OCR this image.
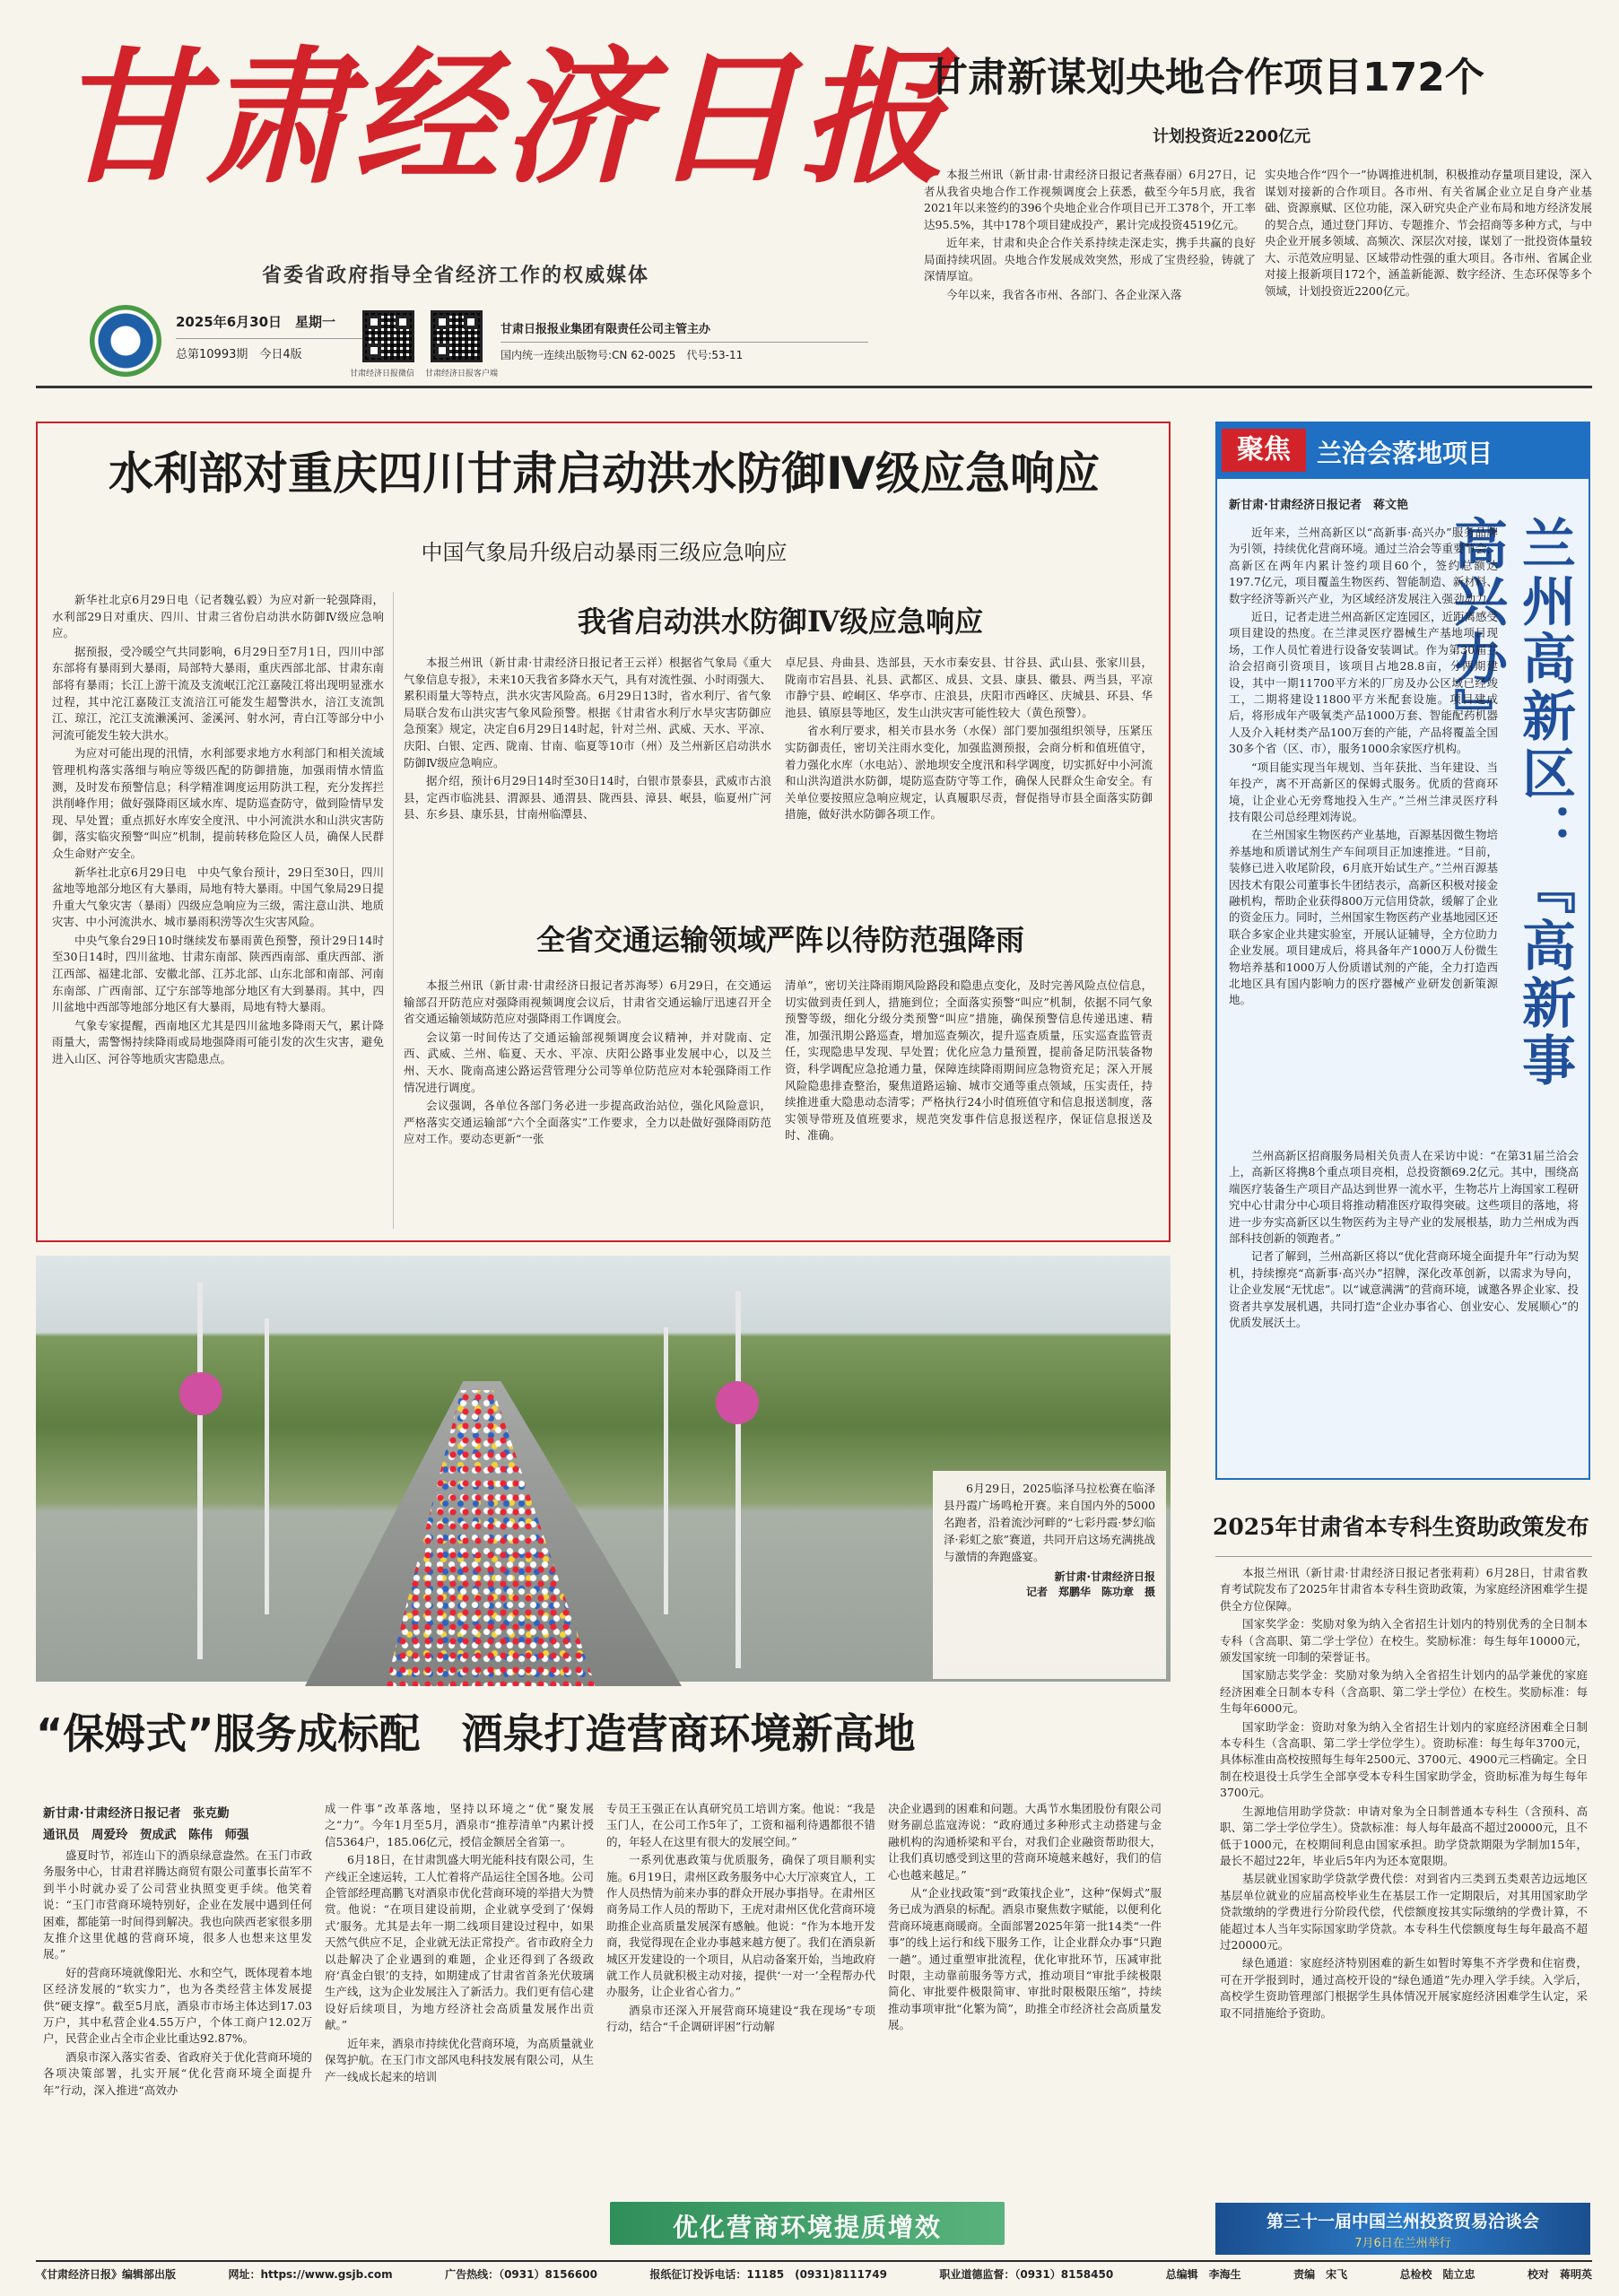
甘肃经济日报
省委省政府指导全省经济工作的权威媒体
2025年6月30日　星期一
总第10993期　今日4版
甘肃经济日报微信 甘肃经济日报客户端
甘肃日报报业集团有限责任公司主管主办
国内统一连续出版物号:CN 62-0025　代号:53-11
甘肃新谋划央地合作项目172个
计划投资近2200亿元

本报兰州讯（新甘肃·甘肃经济日报记者燕春丽）6月27日，记者从我省央地合作工作视频调度会上获悉，截至今年5月底，我省2021年以来签约的396个央地企业合作项目已开工378个，开工率达95.5%，其中178个项目建成投产，累计完成投资4519亿元。

近年来，甘肃和央企合作关系持续走深走实，携手共赢的良好局面持续巩固。央地合作发展成效突然，形成了宝贵经验，铸就了深情厚谊。

今年以来，我省各市州、各部门、各企业深入落

实央地合作“四个一”协调推进机制，积极推动存量项目建设，深入谋划对接新的合作项目。各市州、有关省属企业立足自身产业基础、资源禀赋、区位功能，深入研究央企产业布局和地方经济发展的契合点，通过登门拜访、专题推介、节会招商等多种方式，与中央企业开展多领域、高频次、深层次对接，谋划了一批投资体量较大、示范效应明显、区域带动性强的重大项目。各市州、省属企业对接上报新项目172个，涵盖新能源、数字经济、生态环保等多个领域，计划投资近2200亿元。

水利部对重庆四川甘肃启动洪水防御Ⅳ级应急响应
中国气象局升级启动暴雨三级应急响应

新华社北京6月29日电（记者魏弘毅）为应对新一轮强降雨，水利部29日对重庆、四川、甘肃三省份启动洪水防御Ⅳ级应急响应。

据预报，受冷暖空气共同影响，6月29日至7月1日，四川中部东部将有暴雨到大暴雨，局部特大暴雨，重庆西部北部、甘肃东南部将有暴雨；长江上游干流及支流岷江沱江嘉陵江将出现明显涨水过程，其中沱江嘉陵江支流涪江可能发生超警洪水，涪江支流凯江、琼江，沱江支流濑溪河、釜溪河、射水河，青白江等部分中小河流可能发生较大洪水。

为应对可能出现的汛情，水利部要求地方水利部门和相关流域管理机构落实落细与响应等级匹配的防御措施，加强雨情水情监测，及时发布预警信息；科学精准调度运用防洪工程，充分发挥拦洪削峰作用；做好强降雨区域水库、堤防巡查防守，做到险情早发现、早处置；重点抓好水库安全度汛、中小河流洪水和山洪灾害防御，落实临灾预警“叫应”机制，提前转移危险区人员，确保人民群众生命财产安全。

新华社北京6月29日电　中央气象台预计，29日至30日，四川盆地等地部分地区有大暴雨，局地有特大暴雨。中国气象局29日提升重大气象灾害（暴雨）四级应急响应为三级，需注意山洪、地质灾害、中小河流洪水、城市暴雨积涝等次生灾害风险。

中央气象台29日10时继续发布暴雨黄色预警，预计29日14时至30日14时，四川盆地、甘肃东南部、陕西西南部、重庆西部、浙江西部、福建北部、安徽北部、江苏北部、山东北部和南部、河南东南部、广西南部、辽宁东部等地部分地区有大到暴雨。其中，四川盆地中西部等地部分地区有大暴雨，局地有特大暴雨。

气象专家提醒，西南地区尤其是四川盆地多降雨天气，累计降雨量大，需警惕持续降雨或局地强降雨可能引发的次生灾害，避免进入山区、河谷等地质灾害隐患点。

我省启动洪水防御Ⅳ级应急响应

本报兰州讯（新甘肃·甘肃经济日报记者王云祥）根据省气象局《重大气象信息专报》，未来10天我省多降水天气，具有对流性强、小时雨强大、累积雨量大等特点，洪水灾害风险高。6月29日13时，省水利厅、省气象局联合发布山洪灾害气象风险预警。根据《甘肃省水利厅水旱灾害防御应急预案》规定，决定自6月29日14时起，针对兰州、武威、天水、平凉、庆阳、白银、定西、陇南、甘南、临夏等10市（州）及兰州新区启动洪水防御Ⅳ级应急响应。

据介绍，预计6月29日14时至30日14时，白银市景泰县，武威市古浪县，定西市临洮县、渭源县、通渭县、陇西县、漳县、岷县，临夏州广河县、东乡县、康乐县，甘南州临潭县、

卓尼县、舟曲县、迭部县，天水市秦安县、甘谷县、武山县、张家川县，陇南市宕昌县、礼县、武都区、成县、文县、康县、徽县、两当县，平凉市静宁县、崆峒区、华亭市、庄浪县，庆阳市西峰区、庆城县、环县、华池县、镇原县等地区，发生山洪灾害可能性较大（黄色预警）。

省水利厅要求，相关市县水务（水保）部门要加强组织领导，压紧压实防御责任，密切关注雨水变化，加强监测预报，会商分析和值班值守，着力强化水库（水电站）、淤地坝安全度汛和科学调度，切实抓好中小河流和山洪沟道洪水防御，堤防巡查防守等工作，确保人民群众生命安全。有关单位要按照应急响应规定，认真履职尽责，督促指导市县全面落实防御措施，做好洪水防御各项工作。

全省交通运输领域严阵以待防范强降雨

本报兰州讯（新甘肃·甘肃经济日报记者苏海琴）6月29日，在交通运输部召开防范应对强降雨视频调度会议后，甘肃省交通运输厅迅速召开全省交通运输领域防范应对强降雨工作调度会。

会议第一时间传达了交通运输部视频调度会议精神，并对陇南、定西、武威、兰州、临夏、天水、平凉、庆阳公路事业发展中心，以及兰州、天水、陇南高速公路运营管理分公司等单位防范应对本轮强降雨工作情况进行调度。

会议强调，各单位各部门务必进一步提高政治站位，强化风险意识，严格落实交通运输部“六个全面落实”工作要求，全力以赴做好强降雨防范应对工作。要动态更新“一张

清单”，密切关注降雨期风险路段和隐患点变化，及时完善风险点位信息，切实做到责任到人，措施到位；全面落实预警“叫应”机制，依据不同气象预警等级，细化分级分类预警“叫应”措施，确保预警信息传递迅速、精准，加强汛期公路巡查，增加巡查频次，提升巡查质量，压实巡查监管责任，实现隐患早发现、早处置；优化应急力量预置，提前备足防汛装备物资，科学调配应急抢通力量，保障连续降雨期间应急物资充足；深入开展风险隐患排查整治，聚焦道路运输、城市交通等重点领域，压实责任，持续推进重大隐患动态清零；严格执行24小时值班值守和信息报送制度，落实领导带班及值班要求，规范突发事件信息报送程序，保证信息报送及时、准确。

聚焦	兰洽会落地项目
新甘肃·甘肃经济日报记者　蒋文艳
兰州高新区：『高新事　高兴办』

近年来，兰州高新区以“高新事·高兴办”服务品牌为引领，持续优化营商环境。通过兰洽会等重要节会，高新区在两年内累计签约项目60个，签约总额达197.7亿元，项目覆盖生物医药、智能制造、新材料、数字经济等新兴产业，为区域经济发展注入强劲动力。

近日，记者走进兰州高新区定连园区，近距离感受项目建设的热度。在兰津灵医疗器械生产基地项目现场，工作人员忙着进行设备安装调试。作为第30届兰洽会招商引资项目，该项目占地28.8亩，分两期建设，其中一期11700平方米的厂房及办公区域已经竣工，二期将建设11800平方米配套设施。项目建成后，将形成年产吸氧类产品1000万套、智能配药机器人及介入耗材类产品100万套的产能，产品将覆盖全国30多个省（区、市），服务1000余家医疗机构。

“项目能实现当年规划、当年获批、当年建设、当年投产，离不开高新区的保姆式服务。优质的营商环境，让企业心无旁骛地投入生产。”兰州兰津灵医疗科技有限公司总经理刘涛说。

在兰州国家生物医药产业基地，百源基因微生物培养基地和质谱试剂生产车间项目正加速推进。“目前，装修已进入收尾阶段，6月底开始试生产。”兰州百源基因技术有限公司董事长牛团结表示，高新区积极对接金融机构，帮助企业获得800万元信用贷款，缓解了企业的资金压力。同时，兰州国家生物医药产业基地园区还联合多家企业共建实验室，开展认证辅导，全方位助力企业发展。项目建成后，将具备年产1000万人份微生物培养基和1000万人份质谱试剂的产能，全力打造西北地区具有国内影响力的医疗器械产业研发创新策源地。

兰州高新区招商服务局相关负责人在采访中说：“在第31届兰洽会上，高新区将携8个重点项目亮相，总投资额69.2亿元。其中，围绕高端医疗装备生产项目产品达到世界一流水平，生物芯片上海国家工程研究中心甘肃分中心项目将推动精准医疗取得突破。这些项目的落地，将进一步夯实高新区以生物医药为主导产业的发展根基，助力兰州成为西部科技创新的领跑者。”

记者了解到，兰州高新区将以“优化营商环境全面提升年”行动为契机，持续擦亮“高新事·高兴办”招牌，深化改革创新，以需求为导向，让企业发展“无忧虑”。以“诚意满满”的营商环境，诚邀各界企业家、投资者共享发展机遇，共同打造“企业办事省心、创业安心、发展顺心”的优质发展沃土。

6月29日，2025临泽马拉松赛在临泽县丹霞广场鸣枪开赛。来自国内外的5000名跑者，沿着流沙河畔的“七彩丹霞·梦幻临泽·彩虹之旅”赛道，共同开启这场充满挑战与激情的奔跑盛宴。
新甘肃·甘肃经济日报
记者　郑鹏华　陈功章　摄
2025年甘肃省本专科生资助政策发布

本报兰州讯（新甘肃·甘肃经济日报记者张莉莉）6月28日，甘肃省教育考试院发布了2025年甘肃省本专科生资助政策，为家庭经济困难学生提供全方位保障。

国家奖学金：奖励对象为纳入全省招生计划内的特别优秀的全日制本专科（含高职、第二学士学位）在校生。奖励标准：每生每年10000元，颁发国家统一印制的荣誉证书。

国家励志奖学金：奖励对象为纳入全省招生计划内的品学兼优的家庭经济困难全日制本专科（含高职、第二学士学位）在校生。奖励标准：每生每年6000元。

国家助学金：资助对象为纳入全省招生计划内的家庭经济困难全日制本专科生（含高职、第二学士学位学生）。资助标准：每生每年3700元，具体标准由高校按照每生每年2500元、3700元、4900元三档确定。全日制在校退役士兵学生全部享受本专科生国家助学金，资助标准为每生每年3700元。

生源地信用助学贷款：申请对象为全日制普通本专科生（含预科、高职、第二学士学位学生）。贷款标准：每人每年最高不超过20000元，且不低于1000元，在校期间利息由国家承担。助学贷款期限为学制加15年，最长不超过22年，毕业后5年内为还本宽限期。

基层就业国家助学贷款学费代偿：对到省内三类到五类艰苦边远地区基层单位就业的应届高校毕业生在基层工作一定期限后，对其用国家助学贷款缴纳的学费进行分阶段代偿，代偿额度按其实际缴纳的学费计算，不能超过本人当年实际国家助学贷款。本专科生代偿额度每生每年最高不超过20000元。

绿色通道：家庭经济特别困难的新生如暂时筹集不齐学费和住宿费，可在开学报到时，通过高校开设的“绿色通道”先办理入学手续。入学后，高校学生资助管理部门根据学生具体情况开展家庭经济困难学生认定，采取不同措施给予资助。

第三十一届中国兰州投资贸易洽谈会
7月6日在兰州举行
“保姆式”服务成标配　酒泉打造营商环境新高地
新甘肃·甘肃经济日报记者　张克勤
通讯员　周爱玲　贺成武　陈伟　师强

盛夏时节，祁连山下的酒泉绿意盎然。在玉门市政务服务中心，甘肃君祥腾达商贸有限公司董事长苗军不到半小时就办妥了公司营业执照变更手续。他笑着说：“玉门市营商环境特别好，企业在发展中遇到任何困难，都能第一时间得到解决。我也向陕西老家很多朋友推介这里优越的营商环境，很多人也想来这里发展。”

好的营商环境就像阳光、水和空气，既体现着本地区经济发展的“软实力”，也为各类经营主体发展提供“硬支撑”。截至5月底，酒泉市市场主体达到17.03万户，其中私营企业4.55万户，个体工商户12.02万户，民营企业占全市企业比重达92.87%。

酒泉市深入落实省委、省政府关于优化营商环境的各项决策部署，扎实开展“优化营商环境全面提升年”行动，深入推进“高效办

成一件事”改革落地，坚持以环境之“优”聚发展之“力”。今年1月至5月，酒泉市“推荐清单”内累计授信5364户，185.06亿元，授信金额居全省第一。

6月18日，在甘肃凯盛大明光能科技有限公司，生产线正全速运转，工人忙着将产品运往全国各地。公司企管部经理高鹏飞对酒泉市优化营商环境的举措大为赞赏。他说：“在项目建设前期，企业就享受到了‘保姆式’服务。尤其是去年一期二线项目建设过程中，如果天然气供应不足，企业就无法正常投产。省市政府全力以赴解决了企业遇到的难题，企业还得到了各级政府‘真金白银’的支持，如期建成了甘肃省首条光伏玻璃生产线，这为企业发展注入了新活力。我们更有信心建设好后续项目，为地方经济社会高质量发展作出贡献。”

近年来，酒泉市持续优化营商环境，为高质量就业保驾护航。在玉门市文部风电科技发展有限公司，从生产一线成长起来的培训

专员王玉强正在认真研究员工培训方案。他说：“我是玉门人，在公司工作5年了，工资和福利待遇都很不错的，年轻人在这里有很大的发展空间。”

一系列优惠政策与优质服务，确保了项目顺利实施。6月19日，肃州区政务服务中心大厅凉爽宜人，工作人员热情为前来办事的群众开展办事指导。在肃州区商务局工作人员的帮助下，王虎对肃州区优化营商环境助推企业高质量发展深有感触。他说：“作为本地开发商，我觉得现在企业办事越来越方便了。我们在酒泉新城区开发建设的一个项目，从启动备案开始，当地政府就工作人员就积极主动对接，提供‘一对一’全程帮办代办服务，让企业省心省力。”

酒泉市还深入开展营商环境建设“我在现场”专项行动，结合“千企调研评困”行动解

决企业遇到的困难和问题。大禹节水集团股份有限公司财务副总监寇涛说：“政府通过多种形式主动搭建与金融机构的沟通桥梁和平台，对我们企业融资帮助很大，让我们真切感受到这里的营商环境越来越好，我们的信心也越来越足。”

从“企业找政策”到“政策找企业”，这种“保姆式”服务已成为酒泉的标配。酒泉市聚焦数字赋能，以便利化营商环境惠商暖商。全面部署2025年第一批14类“一件事”的线上运行和线下服务工作，让企业群众办事“只跑一趟”。通过重塑审批流程，优化审批环节，压减审批时限，主动靠前服务等方式，推动项目“审批手续极限简化、审批要件极限简审、审批时限极限压缩”，持续推动事项审批“化繁为简”，助推全市经济社会高质量发展。

优化营商环境提质增效
《甘肃经济日报》编辑部出版	网址：https://www.gsjb.com	广告热线：（0931）8156600	报纸征订投诉电话：11185　(0931)8111749	职业道德监督：（0931）8158450	总编辑　李海生	责编　宋飞	总检校　陆立忠	校对　蒋明英
